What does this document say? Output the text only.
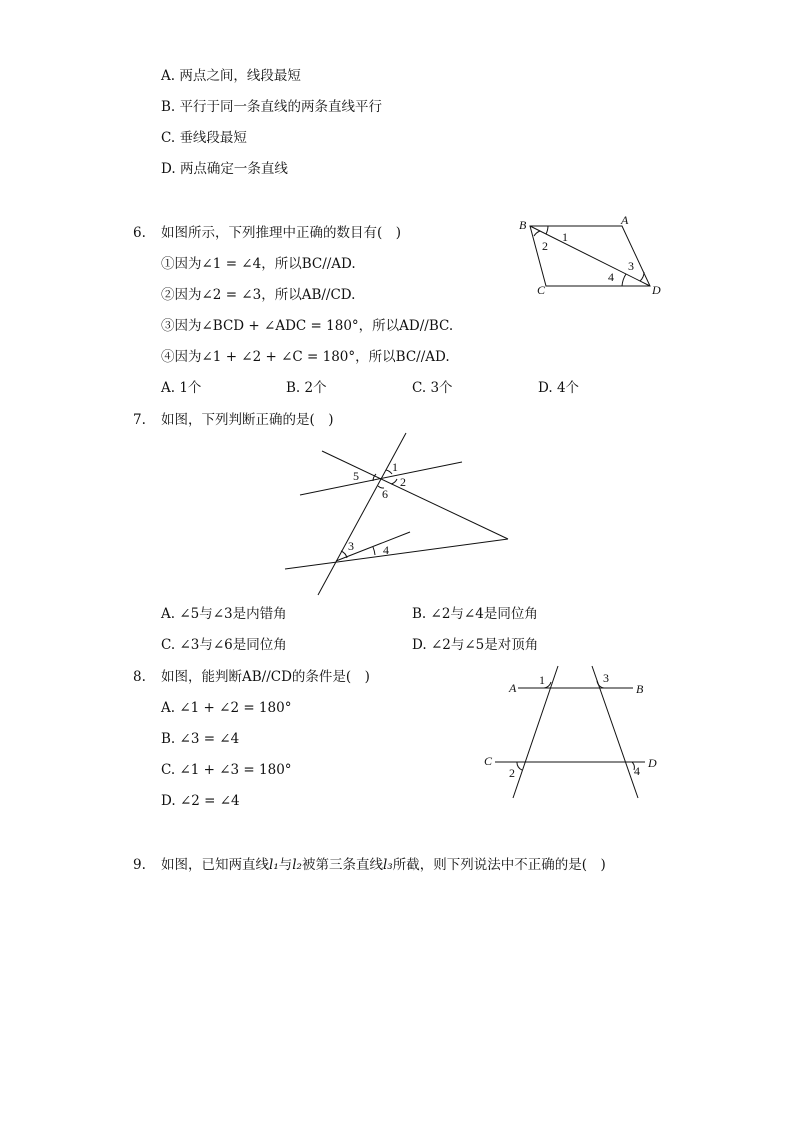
A. 两点之间，线段最短
B. 平行于同一条直线的两条直线平行
C. 垂线段最短
D. 两点确定一条直线
6. 如图所示，下列推理中正确的数目有(　)
①因为∠1 = ∠4，所以BC//AD.
②因为∠2 = ∠3，所以AB//CD.
③因为∠BCD + ∠ADC = 180°，所以AD//BC.
④因为∠1 + ∠2 + ∠C = 180°，所以BC//AD.
A. 1个	B. 2个	C. 3个	D. 4个
B	A
C	D
1
2
3
4
7. 如图，下列判断正确的是(　)
1
2
5
6
3 4
A. ∠5与∠3是内错角	B. ∠2与∠4是同位角
C. ∠3与∠6是同位角	D. ∠2与∠5是对顶角
8. 如图，能判断AB//CD的条件是(　)
A. ∠1 + ∠2 = 180°
B. ∠3 = ∠4
C. ∠1 + ∠3 = 180°
D. ∠2 = ∠4
A	B
C	D
1	3
2	4
9. 如图，已知两直线l₁与l₂被第三条直线l₃所截，则下列说法中不正确的是(　)
